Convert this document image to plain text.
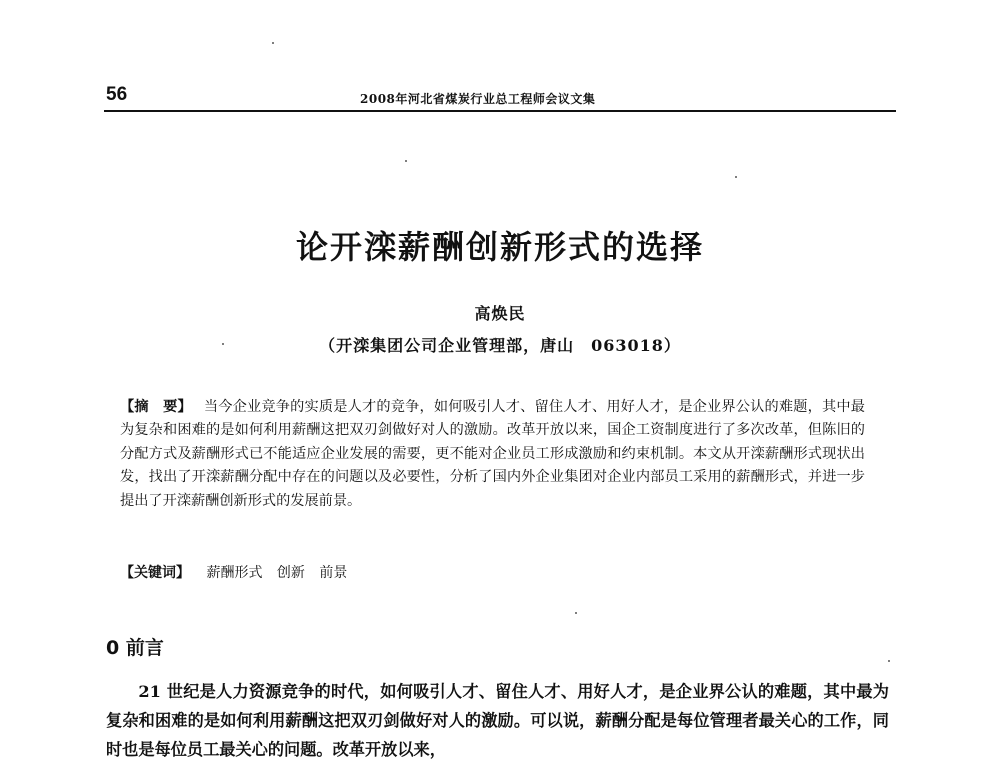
56	2008年河北省煤炭行业总工程师会议文集
论开滦薪酬创新形式的选择
高焕民
（开滦集团公司企业管理部，唐山　063018）
【摘　要】 当今企业竞争的实质是人才的竞争，如何吸引人才、留住人才、用好人才，是企业界公认的难题，其中最为复杂和困难的是如何利用薪酬这把双刃剑做好对人的激励。改革开放以来，国企工资制度进行了多次改革，但陈旧的分配方式及薪酬形式已不能适应企业发展的需要，更不能对企业员工形成激励和约束机制。本文从开滦薪酬形式现状出发，找出了开滦薪酬分配中存在的问题以及必要性，分析了国内外企业集团对企业内部员工采用的薪酬形式，并进一步提出了开滦薪酬创新形式的发展前景。
【关键词】 薪酬形式 创新 前景
0 前言
21 世纪是人力资源竞争的时代，如何吸引人才、留住人才、用好人才，是企业界公认的难题，其中最为复杂和困难的是如何利用薪酬这把双刃剑做好对人的激励。可以说，薪酬分配是每位管理者最关心的工作，同时也是每位员工最关心的问题。改革开放以来，
